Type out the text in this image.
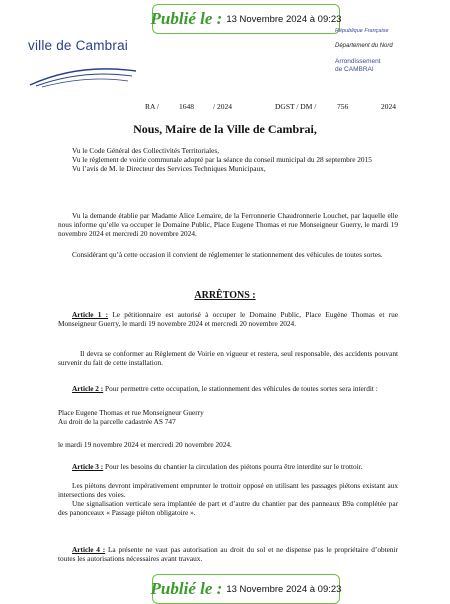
Publié le : 13 Novembre 2024 à 09:23
ville de Cambrai
République Française
Département du Nord
Arrondissement
de CAMBRAI
RA /	1648	/ 2024	DGST / DM /	756	2024
Nous, Maire de la Ville de Cambrai,

Vu le Code Général des Collectivités Territoriales,

Vu le règlement de voirie communale adopté par la séance du conseil municipal du 28 septembre 2015

Vu l’avis de M. le Directeur des Services Techniques Municipaux,

Vu la demande établie par Madame Alice Lemaire, de la Ferronnerie Chaudronnerie Louchet, par laquelle elle nous informe qu’elle va occuper le Domaine Public, Place Eugene Thomas et rue Monseigneur Guerry, le mardi 19 novembre 2024 et mercredi 20 novembre 2024.
Considérant qu’à cette occasion il convient de réglementer le stationnement des véhicules de toutes sortes.
ARRÊTONS :
Article 1 : Le pétitionnaire est autorisé à occuper le Domaine Public, Place Eugène Thomas et rue Monseigneur Guerry, le mardi 19 novembre 2024 et mercredi 20 novembre 2024.
Il devra se conformer au Règlement de Voirie en vigueur et restera, seul responsable, des accidents pouvant survenir du fait de cette installation.
Article 2 : Pour permettre cette occupation, le stationnement des véhicules de toutes sortes sera interdit :
Place Eugene Thomas et rue Monseigneur Guerry
Au droit de la parcelle cadastrée AS 747
le mardi 19 novembre 2024 et mercredi 20 novembre 2024.
Article 3 : Pour les besoins du chantier la circulation des piétons pourra être interdite sur le trottoir.
Les piétons devront impérativement emprunter le trottoir opposé en utilisant les passages piétons existant aux intersections des voies.
Une signalisation verticale sera implantée de part et d’autre du chantier par des panneaux B9a complétée par des panonceaux « Passage piéton obligatoire ».
Article 4 : La présente ne vaut pas autorisation au droit du sol et ne dispense pas le propriétaire d’obtenir toutes les autorisations nécessaires avant travaux.
Publié le : 13 Novembre 2024 à 09:23
